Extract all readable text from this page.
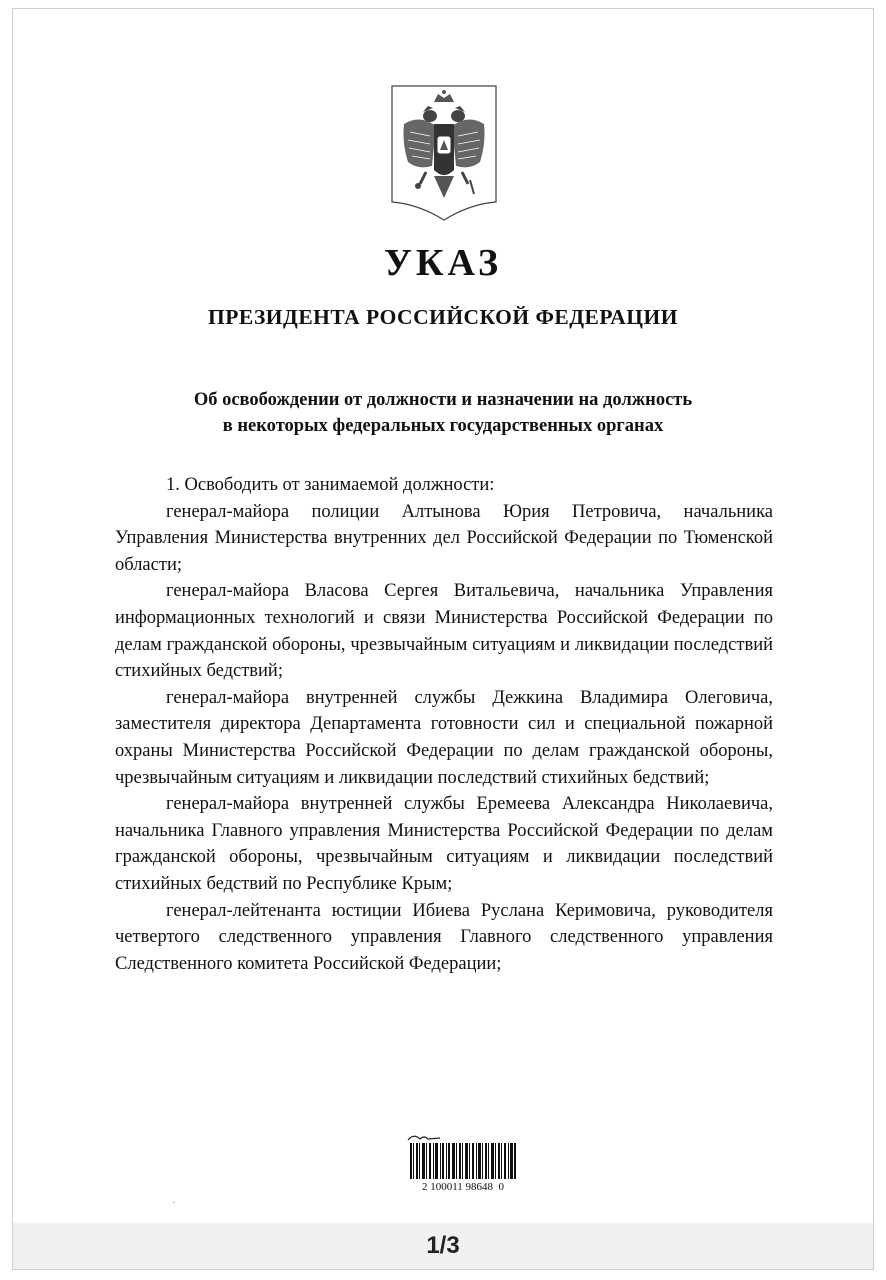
УКАЗ
ПРЕЗИДЕНТА РОССИЙСКОЙ ФЕДЕРАЦИИ
Об освобождении от должности и назначении на должность
в некоторых федеральных государственных органах

1. Освободить от занимаемой должности:

генерал-майора полиции Алтынова Юрия Петровича, начальника Управления Министерства внутренних дел Российской Федерации по Тюменской области;

генерал-майора Власова Сергея Витальевича, начальника Управления информационных технологий и связи Министерства Российской Федерации по делам гражданской обороны, чрезвычайным ситуациям и ликвидации последствий стихийных бедствий;

генерал-майора внутренней службы Дежкина Владимира Олеговича, заместителя директора Департамента готовности сил и специальной пожарной охраны Министерства Российской Федерации по делам гражданской обороны, чрезвычайным ситуациям и ликвидации последствий стихийных бедствий;

генерал-майора внутренней службы Еремеева Александра Николаевича, начальника Главного управления Министерства Российской Федерации по делам гражданской обороны, чрезвычайным ситуациям и ликвидации последствий стихийных бедствий по Республике Крым;

генерал-лейтенанта юстиции Ибиева Руслана Керимовича, руководителя четвертого следственного управления Главного следственного управления Следственного комитета Российской Федерации;

2 100011 98648  0
1/3
